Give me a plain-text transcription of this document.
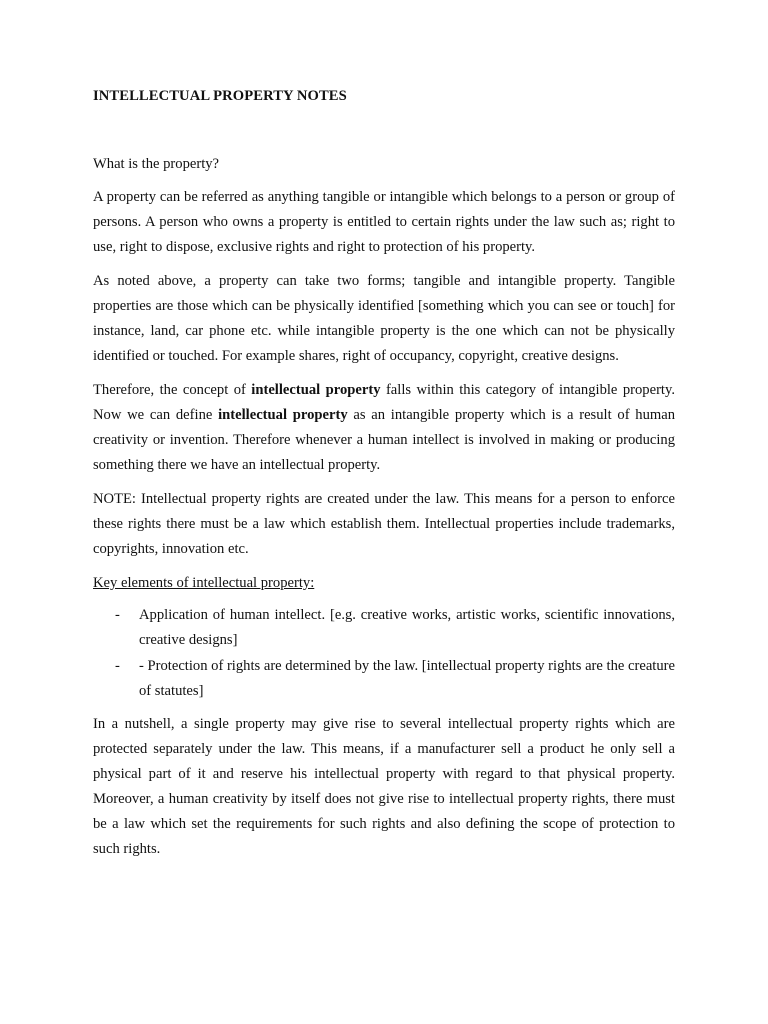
INTELLECTUAL PROPERTY NOTES
What is the property?

A property can be referred as anything tangible or intangible which belongs to a person or group of persons. A person who owns a property is entitled to certain rights under the law such as; right to use, right to dispose, exclusive rights and right to protection of his property.

As noted above, a property can take two forms; tangible and intangible property. Tangible properties are those which can be physically identified [something which you can see or touch] for instance, land, car phone etc. while intangible property is the one which can not be physically identified or touched. For example shares, right of occupancy, copyright, creative designs.

Therefore, the concept of intellectual property falls within this category of intangible property. Now we can define intellectual property as an intangible property which is a result of human creativity or invention. Therefore whenever a human intellect is involved in making or producing something there we have an intellectual property.

NOTE: Intellectual property rights are created under the law. This means for a person to enforce these rights there must be a law which establish them. Intellectual properties include trademarks, copyrights, innovation etc.

Key elements of intellectual property:
- Application of human intellect. [e.g. creative works, artistic works, scientific innovations, creative designs]
- - Protection of rights are determined by the law. [intellectual property rights are the creature of statutes]

In a nutshell, a single property may give rise to several intellectual property rights which are protected separately under the law. This means, if a manufacturer sell a product he only sell a physical part of it and reserve his intellectual property with regard to that physical property. Moreover, a human creativity by itself does not give rise to intellectual property rights, there must be a law which set the requirements for such rights and also defining the scope of protection to such rights.
